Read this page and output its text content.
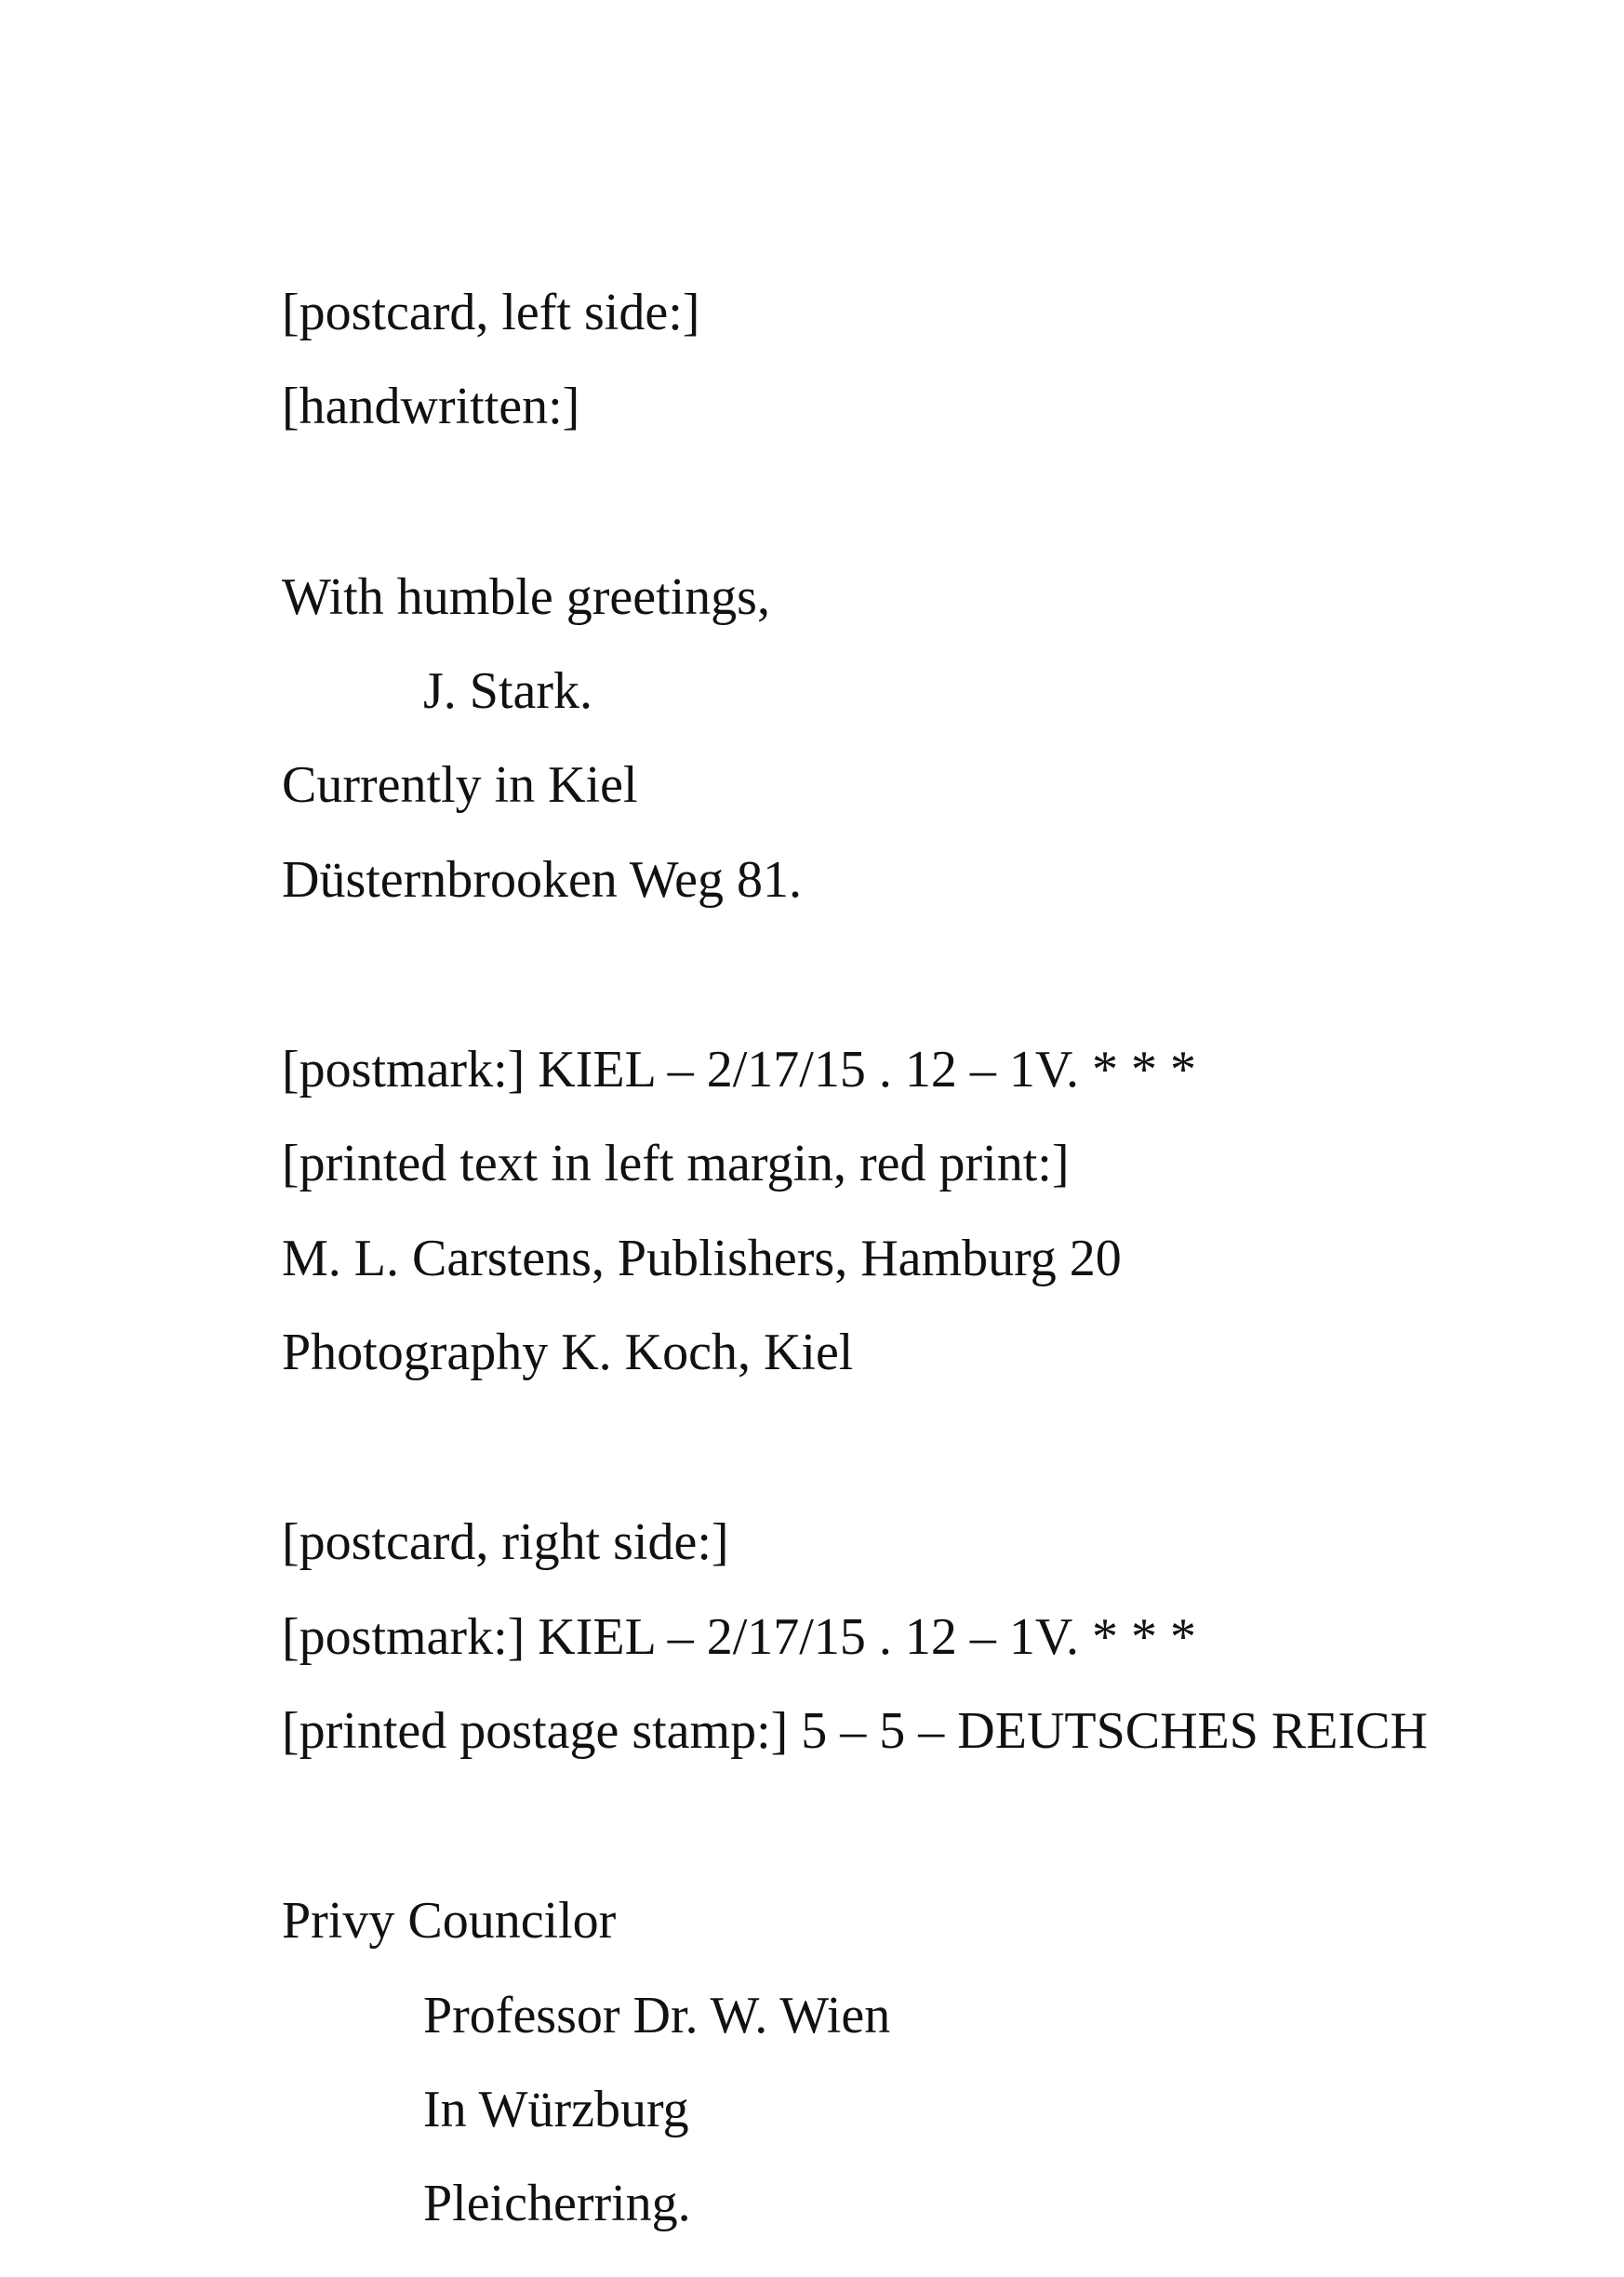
[postcard, left side:]
[handwritten:]
With humble greetings,
J. Stark.
Currently in Kiel
Düsternbrooken Weg 81.
[postmark:] KIEL – 2/17/15 . 12 – 1V. * * *
[printed text in left margin, red print:]
M. L. Carstens, Publishers, Hamburg 20
Photography K. Koch, Kiel
[postcard, right side:]
[postmark:] KIEL – 2/17/15 . 12 – 1V. * * *
[printed postage stamp:] 5 – 5 – DEUTSCHES REICH
Privy Councilor
Professor Dr. W. Wien
In Würzburg
Pleicherring.
